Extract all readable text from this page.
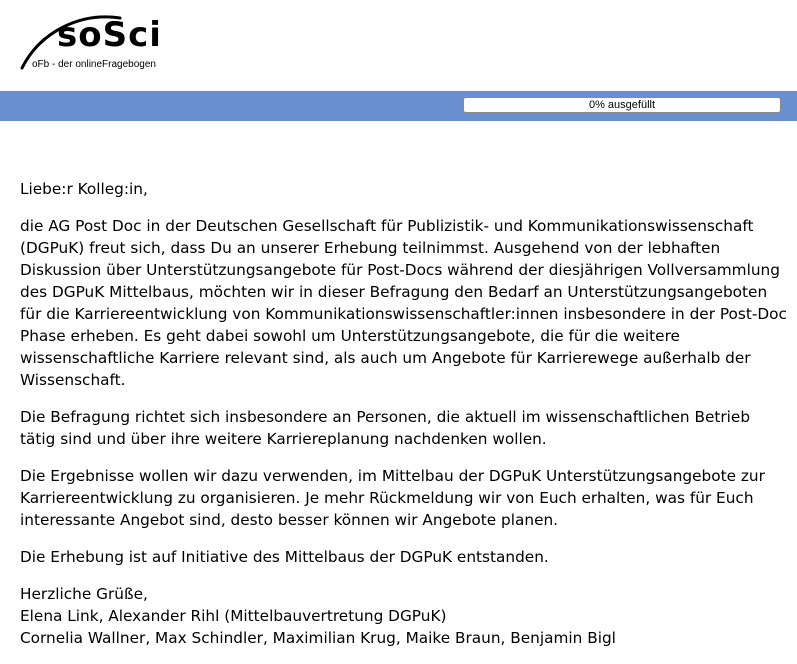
soSci
oFb - der onlineFragebogen
0% ausgefüllt

Liebe:r Kolleg:in,

die AG Post Doc in der Deutschen Gesellschaft für Publizistik- und Kommunikationswissenschaft (DGPuK) freut sich, dass Du an unserer Erhebung teilnimmst. Ausgehend von der lebhaften Diskussion über Unterstützungsangebote für Post-Docs während der diesjährigen Vollversammlung des DGPuK Mittelbaus, möchten wir in dieser Befragung den Bedarf an Unterstützungsangeboten für die Karriereentwicklung von Kommunikationswissenschaftler:innen insbesondere in der Post-Doc Phase erheben. Es geht dabei sowohl um Unterstützungsangebote, die für die weitere wissenschaftliche Karriere relevant sind, als auch um Angebote für Karrierewege außerhalb der Wissenschaft.

Die Befragung richtet sich insbesondere an Personen, die aktuell im wissenschaftlichen Betrieb tätig sind und über ihre weitere Karriereplanung nachdenken wollen.

Die Ergebnisse wollen wir dazu verwenden, im Mittelbau der DGPuK Unterstützungsangebote zur Karriereentwicklung zu organisieren. Je mehr Rückmeldung wir von Euch erhalten, was für Euch interessante Angebot sind, desto besser können wir Angebote planen.

Die Erhebung ist auf Initiative des Mittelbaus der DGPuK entstanden.

Herzliche Grüße,
Elena Link, Alexander Rihl (Mittelbauvertretung DGPuK)
Cornelia Wallner, Max Schindler, Maximilian Krug, Maike Braun, Benjamin Bigl
